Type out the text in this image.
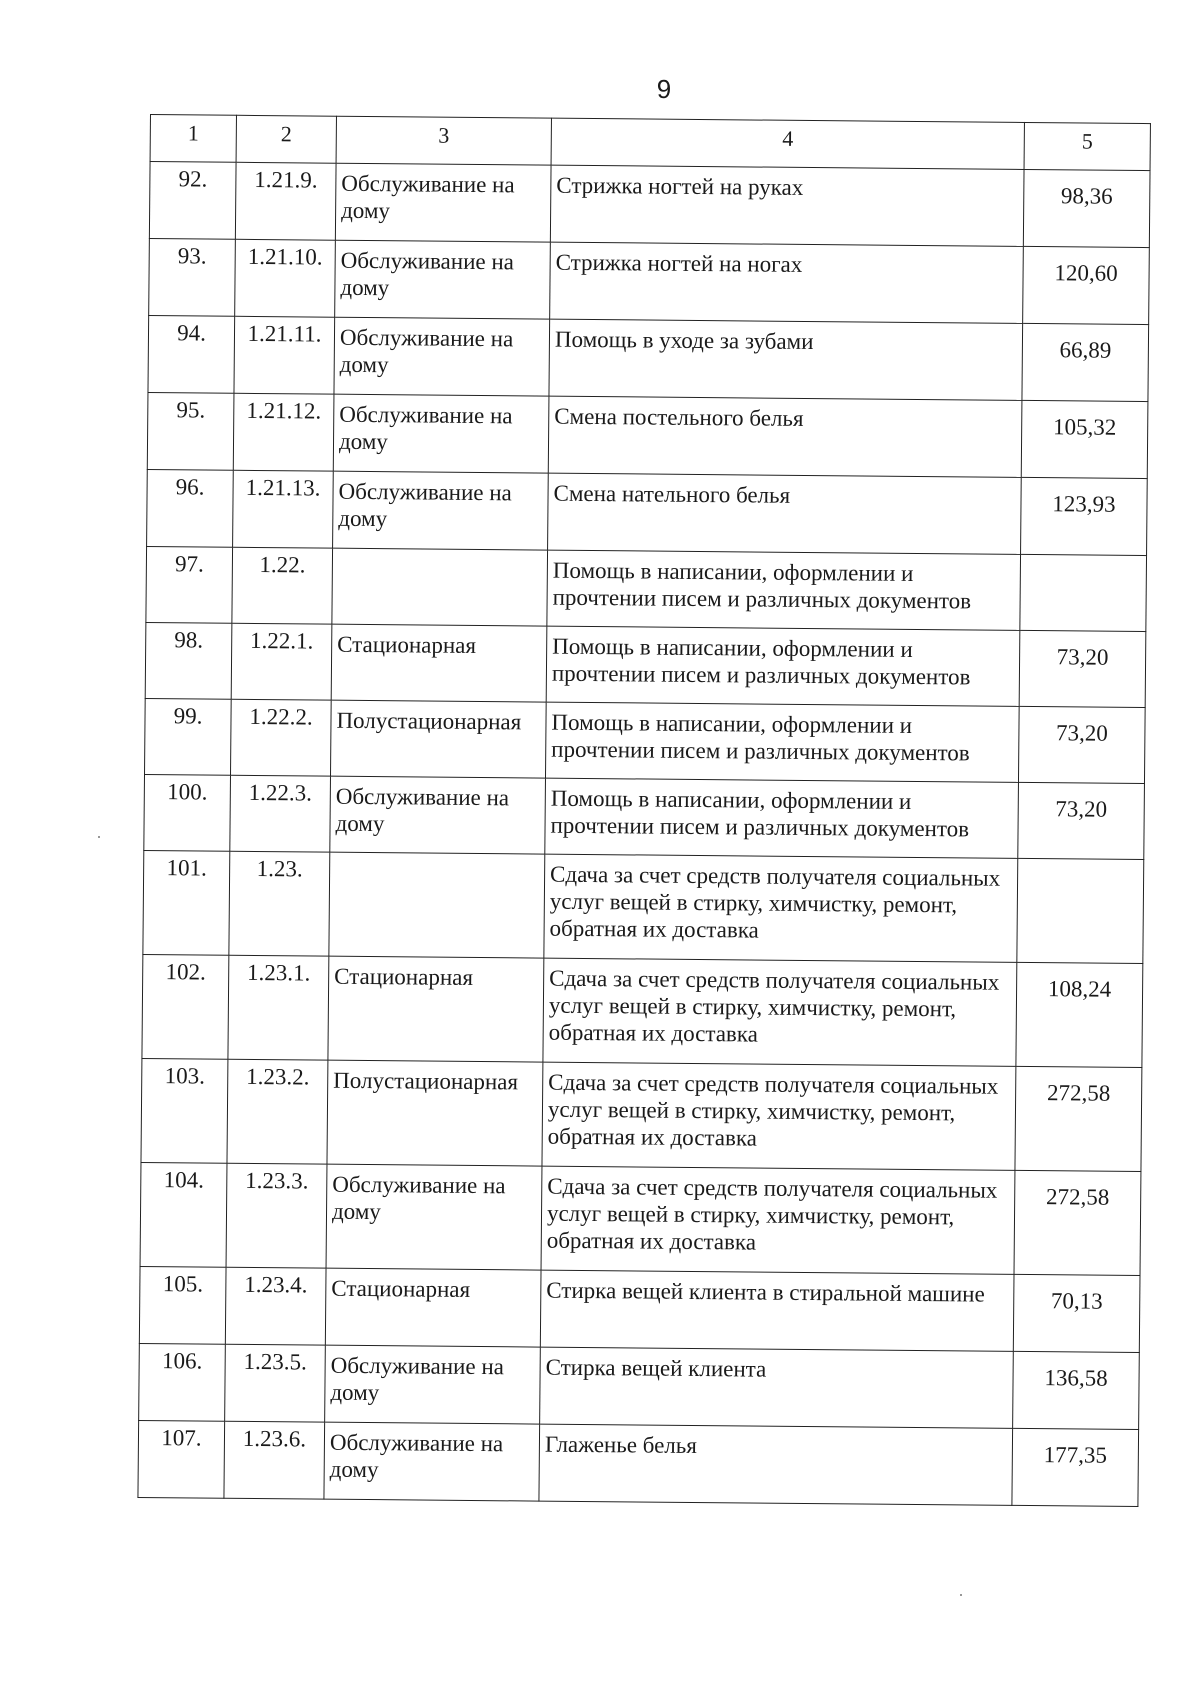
9
1	2	3	4	5
92.	1.21.9.	Обслуживание на дому	Стрижка ногтей на руках	98,36
93.	1.21.10.	Обслуживание на дому	Стрижка ногтей на ногах	120,60
94.	1.21.11.	Обслуживание на дому	Помощь в уходе за зубами	66,89
95.	1.21.12.	Обслуживание на дому	Смена постельного белья	105,32
96.	1.21.13.	Обслуживание на дому	Смена нательного белья	123,93
97.	1.22.		Помощь в написании, оформлении и прочтении писем и различных документов	
98.	1.22.1.	Стационарная	Помощь в написании, оформлении и прочтении писем и различных документов	73,20
99.	1.22.2.	Полустационарная	Помощь в написании, оформлении и прочтении писем и различных документов	73,20
100.	1.22.3.	Обслуживание на дому	Помощь в написании, оформлении и прочтении писем и различных документов	73,20
101.	1.23.		Сдача за счет средств получателя социальных услуг вещей в стирку, химчистку, ремонт, обратная их доставка	
102.	1.23.1.	Стационарная	Сдача за счет средств получателя социальных услуг вещей в стирку, химчистку, ремонт, обратная их доставка	108,24
103.	1.23.2.	Полустационарная	Сдача за счет средств получателя социальных услуг вещей в стирку, химчистку, ремонт, обратная их доставка	272,58
104.	1.23.3.	Обслуживание на дому	Сдача за счет средств получателя социальных услуг вещей в стирку, химчистку, ремонт, обратная их доставка	272,58
105.	1.23.4.	Стационарная	Стирка вещей клиента в стиральной машине	70,13
106.	1.23.5.	Обслуживание на дому	Стирка вещей клиента	136,58
107.	1.23.6.	Обслуживание на дому	Глаженье белья	177,35
